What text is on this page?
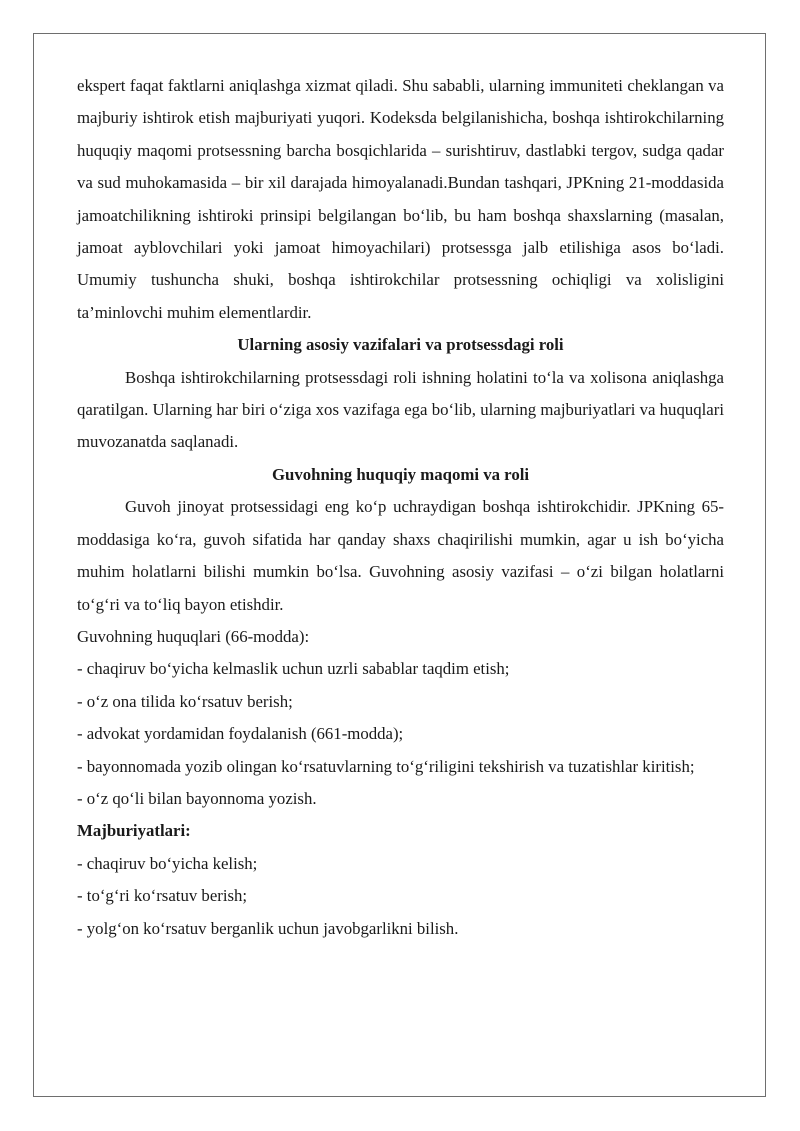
ekspert faqat faktlarni aniqlashga xizmat qiladi. Shu sababli, ularning immuniteti cheklangan va majburiy ishtirok etish majburiyati yuqori. Kodeksda belgilanishicha, boshqa ishtirokchilarning huquqiy maqomi protsessning barcha bosqichlarida – surishtiruv, dastlabki tergov, sudga qadar va sud muhokamasida – bir xil darajada himoyalanadi.Bundan tashqari, JPKning 21-moddasida jamoatchilikning ishtiroki prinsipi belgilangan bo‘lib, bu ham boshqa shaxslarning (masalan, jamoat ayblovchilari yoki jamoat himoyachilari) protsessga jalb etilishiga asos bo‘ladi. Umumiy tushuncha shuki, boshqa ishtirokchilar protsessning ochiqligi va xolisligini ta’minlovchi muhim elementlardir.

Ularning asosiy vazifalari va protsessdagi roli

Boshqa ishtirokchilarning protsessdagi roli ishning holatini to‘la va xolisona aniqlashga qaratilgan. Ularning har biri o‘ziga xos vazifaga ega bo‘lib, ularning majburiyatlari va huquqlari muvozanatda saqlanadi.

Guvohning huquqiy maqomi va roli

Guvoh jinoyat protsessidagi eng ko‘p uchraydigan boshqa ishtirokchidir. JPKning 65-moddasiga ko‘ra, guvoh sifatida har qanday shaxs chaqirilishi mumkin, agar u ish bo‘yicha muhim holatlarni bilishi mumkin bo‘lsa. Guvohning asosiy vazifasi – o‘zi bilgan holatlarni to‘g‘ri va to‘liq bayon etishdir.

Guvohning huquqlari (66-modda):

- chaqiruv bo‘yicha kelmaslik uchun uzrli sabablar taqdim etish;

- o‘z ona tilida ko‘rsatuv berish;

- advokat yordamidan foydalanish (661-modda);

- bayonnomada yozib olingan ko‘rsatuvlarning to‘g‘riligini tekshirish va tuzatishlar kiritish;

- o‘z qo‘li bilan bayonnoma yozish.

Majburiyatlari:

- chaqiruv bo‘yicha kelish;

- to‘g‘ri ko‘rsatuv berish;

- yolg‘on ko‘rsatuv berganlik uchun javobgarlikni bilish.
